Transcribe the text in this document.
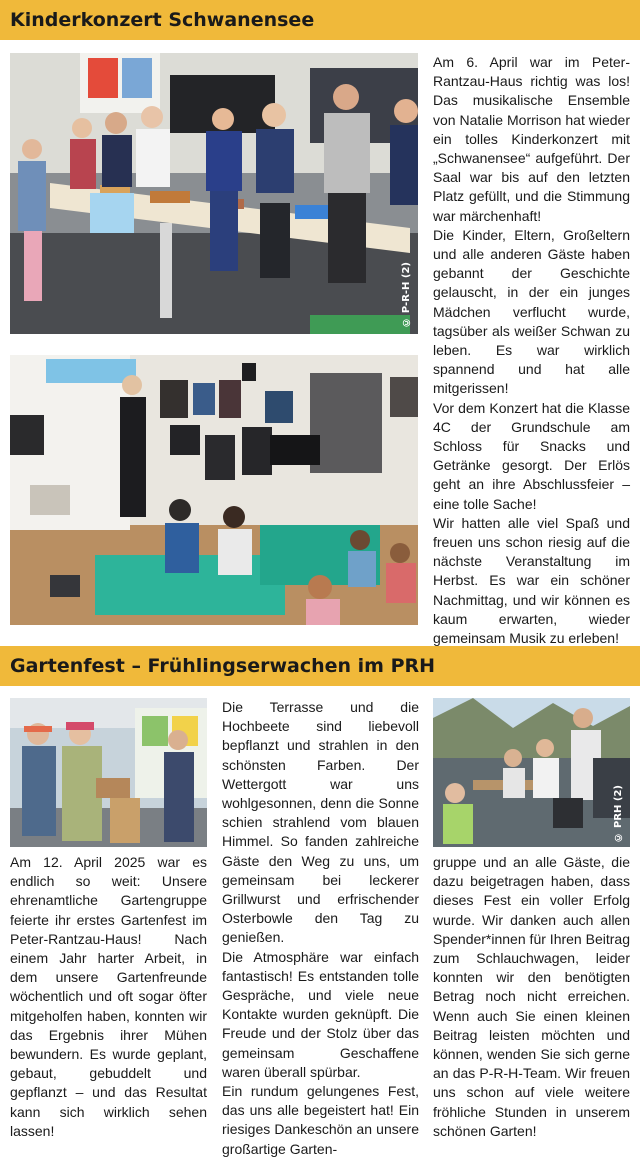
Kinderkonzert Schwanensee
© P-R-H (2)

Am 6. April war im Peter-Rantzau-Haus richtig was los! Das musikalische Ensemble von Natalie Morrison hat wieder ein tolles Kinderkonzert mit „Schwanensee“ aufgeführt. Der Saal war bis auf den letzten Platz gefüllt, und die Stimmung war märchenhaft!

Die Kinder, Eltern, Großeltern und alle anderen Gäste haben gebannt der Geschichte gelauscht, in der ein junges Mädchen verflucht wurde, tagsüber als weißer Schwan zu leben. Es war wirklich spannend und hat alle mitgerissen!

Vor dem Konzert hat die Klasse 4C der Grundschule am Schloss für Snacks und Getränke gesorgt. Der Erlös geht an ihre Abschlussfeier – eine tolle Sache!

Wir hatten alle viel Spaß und freuen uns schon riesig auf die nächste Veranstaltung im Herbst. Es war ein schöner Nachmittag, und wir können es kaum erwarten, wieder gemeinsam Musik zu erleben!

Gartenfest – Frühlingserwachen im PRH

Am 12. April 2025 war es endlich so weit: Unsere ehrenamtliche Gartengruppe feierte ihr erstes Gartenfest im Peter-Rantzau-Haus! Nach einem Jahr harter Arbeit, in dem unsere Gartenfreunde wöchentlich und oft sogar öfter mitgeholfen haben, konnten wir das Ergebnis ihrer Mühen bewundern. Es wurde geplant, gebaut, gebuddelt und gepflanzt – und das Resultat kann sich wirklich sehen lassen!

Die Terrasse und die Hochbeete sind liebevoll bepflanzt und strahlen in den schönsten Farben. Der Wettergott war uns wohlgesonnen, denn die Sonne schien strahlend vom blauen Himmel. So fanden zahlreiche Gäste den Weg zu uns, um gemeinsam bei leckerer Grillwurst und erfrischender Osterbowle den Tag zu genießen.

Die Atmosphäre war einfach fantastisch! Es entstanden tolle Gespräche, und viele neue Kontakte wurden geknüpft. Die Freude und der Stolz über das gemeinsam Geschaffene waren überall spürbar.

Ein rundum gelungenes Fest, das uns alle begeistert hat! Ein riesiges Dankeschön an unsere großartige Garten-

© PRH (2)

gruppe und an alle Gäste, die dazu beigetragen haben, dass dieses Fest ein voller Erfolg wurde. Wir danken auch allen Spender*innen für Ihren Beitrag zum Schlauchwagen, leider konnten wir den benötigten Betrag noch nicht erreichen. Wenn auch Sie einen kleinen Beitrag leisten möchten und können, wenden Sie sich gerne an das P-R-H-Team. Wir freuen uns schon auf viele weitere fröhliche Stunden in unserem schönen Garten!
